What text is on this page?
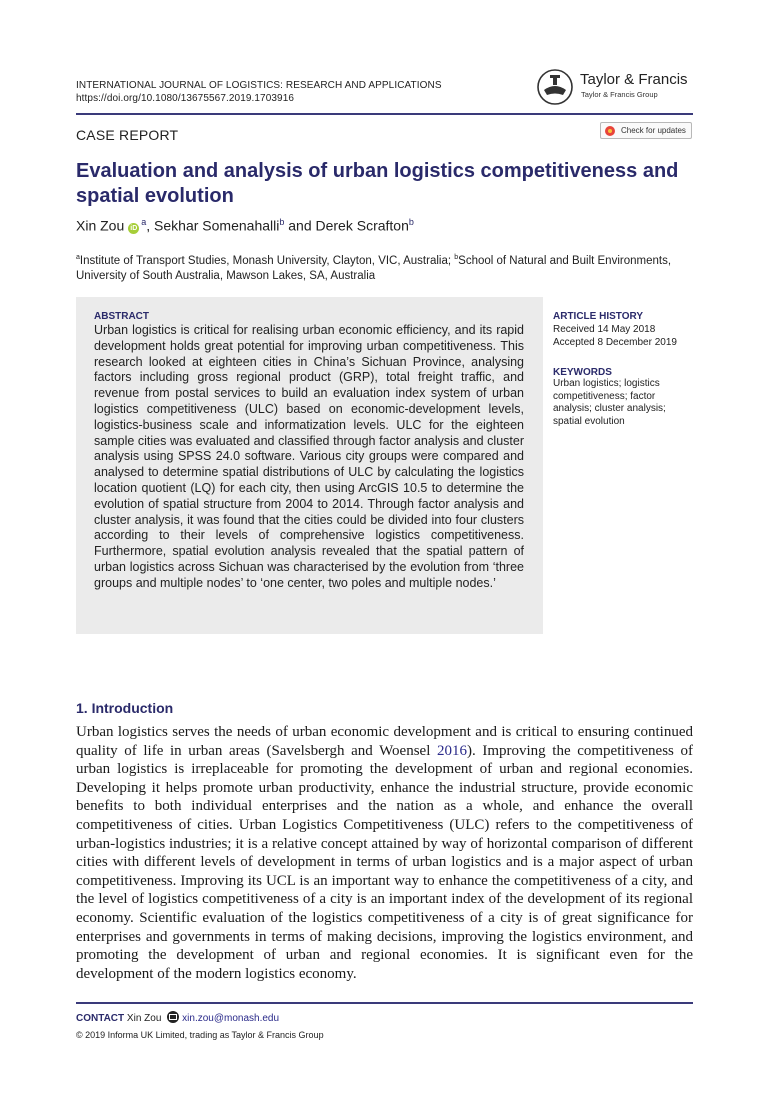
INTERNATIONAL JOURNAL OF LOGISTICS: RESEARCH AND APPLICATIONS
https://doi.org/10.1080/13675567.2019.1703916
Taylor & Francis
Taylor & Francis Group
CASE REPORT	Check for updates
Evaluation and analysis of urban logistics competitiveness and spatial evolution
Xin Zou $iD^a$, Sekhar Somenahalli$^b$ and Derek Scrafton$^b$
$^a$Institute of Transport Studies, Monash University, Clayton, VIC, Australia; $^b$School of Natural and Built Environments, University of South Australia, Mawson Lakes, SA, Australia
ABSTRACT
Urban logistics is critical for realising urban economic efficiency, and its rapid development holds great potential for improving urban competitiveness. This research looked at eighteen cities in China’s Sichuan Province, analysing factors including gross regional product (GRP), total freight traffic, and revenue from postal services to build an evaluation index system of urban logistics competitiveness (ULC) based on economic-development levels, logistics-business scale and informatization levels. ULC for the eighteen sample cities was evaluated and classified through factor analysis and cluster analysis using SPSS 24.0 software. Various city groups were compared and analysed to determine spatial distributions of ULC by calculating the logistics location quotient (LQ) for each city, then using ArcGIS 10.5 to determine the evolution of spatial structure from 2004 to 2014. Through factor analysis and cluster analysis, it was found that the cities could be divided into four clusters according to their levels of comprehensive logistics competitiveness. Furthermore, spatial evolution analysis revealed that the spatial pattern of urban logistics across Sichuan was characterised by the evolution from ‘three groups and multiple nodes’ to ‘one center, two poles and multiple nodes.’
ARTICLE HISTORY
Received 14 May 2018
Accepted 8 December 2019
KEYWORDS
Urban logistics; logistics
competitiveness; factor
analysis; cluster analysis;
spatial evolution
1. Introduction
Urban logistics serves the needs of urban economic development and is critical to ensuring continued quality of life in urban areas (Savelsbergh and Woensel 2016). Improving the competitiveness of urban logistics is irreplaceable for promoting the development of urban and regional economies. Developing it helps promote urban productivity, enhance the industrial structure, provide economic benefits to both individual enterprises and the nation as a whole, and enhance the overall competitiveness of cities. Urban Logistics Competitiveness (ULC) refers to the competitiveness of urban-logistics industries; it is a relative concept attained by way of horizontal comparison of different cities with different levels of development in terms of urban logistics and is a major aspect of urban competitiveness. Improving its UCL is an important way to enhance the competitiveness of a city, and the level of logistics competitiveness of a city is an important index of the development of its regional economy. Scientific evaluation of the logistics competitiveness of a city is of great significance for enterprises and governments in terms of making decisions, improving the logistics environment, and promoting the development of urban and regional economies. It is significant even for the development of the modern logistics economy.
CONTACT Xin Zou xin.zou@monash.edu
© 2019 Informa UK Limited, trading as Taylor & Francis Group
